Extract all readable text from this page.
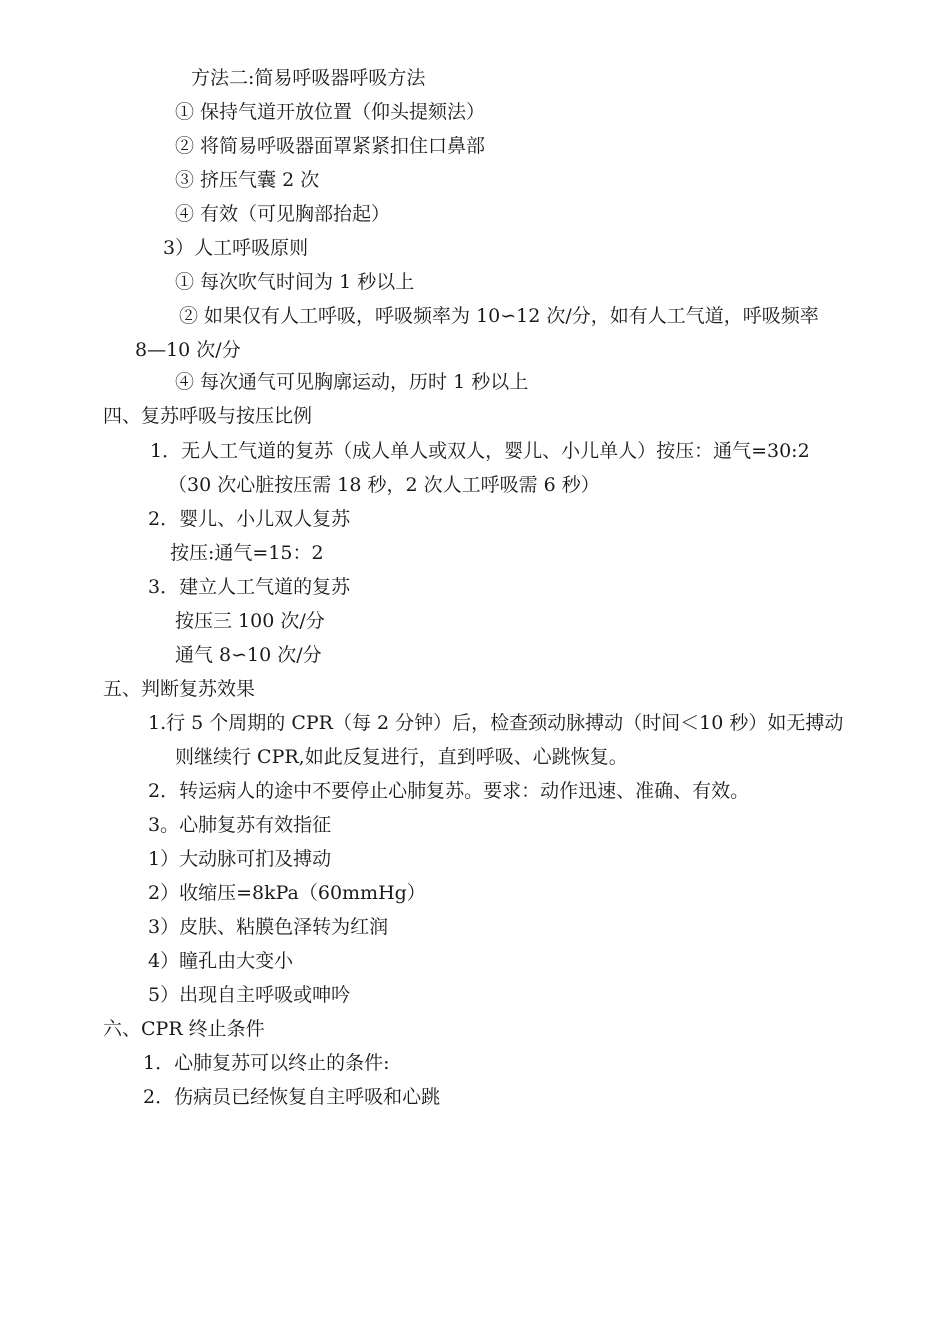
方法二:简易呼吸器呼吸方法
① 保持气道开放位置（仰头提颏法）
② 将简易呼吸器面罩紧紧扣住口鼻部
③ 挤压气囊 2 次
④ 有效（可见胸部抬起）
3）人工呼吸原则
① 每次吹气时间为 1 秒以上
② 如果仅有人工呼吸，呼吸频率为 10∽12 次/分，如有人工气道，呼吸频率
8—10 次/分
④ 每次通气可见胸廓运动，历时 1 秒以上
四、复苏呼吸与按压比例
1．无人工气道的复苏（成人单人或双人，婴儿、小儿单人）按压：通气=30:2
（30 次心脏按压需 18 秒，2 次人工呼吸需 6 秒）
2．婴儿、小儿双人复苏
按压:通气=15：2
3．建立人工气道的复苏
按压三 100 次/分
通气 8∽10 次/分
五、判断复苏效果
1.行 5 个周期的 CPR（每 2 分钟）后，检查颈动脉搏动（时间＜10 秒）如无搏动
则继续行 CPR,如此反复进行，直到呼吸、心跳恢复。
2．转运病人的途中不要停止心肺复苏。要求：动作迅速、准确、有效。
3。心肺复苏有效指征
1）大动脉可扪及搏动
2）收缩压=8kPa（60mmHg）
3）皮肤、粘膜色泽转为红润
4）瞳孔由大变小
5）出现自主呼吸或呻吟
六、CPR 终止条件
1．心肺复苏可以终止的条件:
2．伤病员已经恢复自主呼吸和心跳
